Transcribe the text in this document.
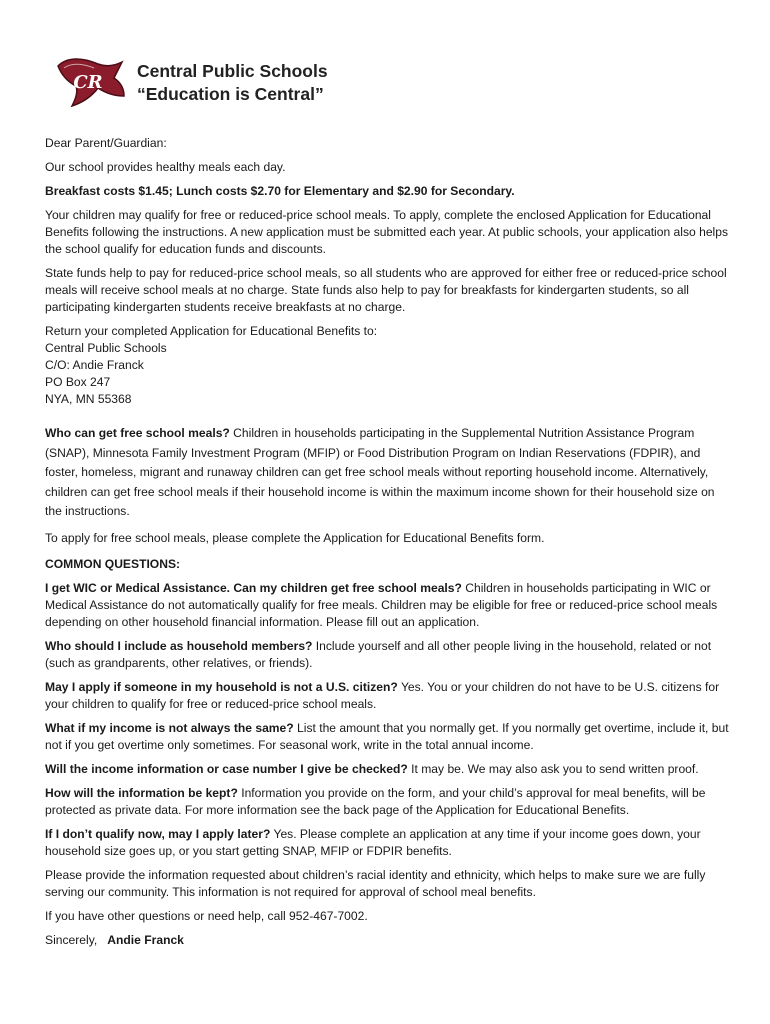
CR
Central Public Schools
“Education is Central”

Dear Parent/Guardian:

Our school provides healthy meals each day.

Breakfast costs $1.45; Lunch costs $2.70 for Elementary and $2.90 for Secondary.

Your children may qualify for free or reduced-price school meals. To apply, complete the enclosed Application for Educational Benefits following the instructions. A new application must be submitted each year. At public schools, your application also helps the school qualify for education funds and discounts.

State funds help to pay for reduced-price school meals, so all students who are approved for either free or reduced-price school meals will receive school meals at no charge. State funds also help to pay for breakfasts for kindergarten students, so all participating kindergarten students receive breakfasts at no charge.

Return your completed Application for Educational Benefits to:

Central Public Schools
C/O: Andie Franck
PO Box 247
NYA, MN 55368

Who can get free school meals? Children in households participating in the Supplemental Nutrition Assistance Program (SNAP), Minnesota Family Investment Program (MFIP) or Food Distribution Program on Indian Reservations (FDPIR), and foster, homeless, migrant and runaway children can get free school meals without reporting household income. Alternatively, children can get free school meals if their household income is within the maximum income shown for their household size on the instructions.

To apply for free school meals, please complete the Application for Educational Benefits form.

COMMON QUESTIONS:

I get WIC or Medical Assistance. Can my children get free school meals? Children in households participating in WIC or Medical Assistance do not automatically qualify for free meals. Children may be eligible for free or reduced-price school meals depending on other household financial information. Please fill out an application.

Who should I include as household members? Include yourself and all other people living in the household, related or not (such as grandparents, other relatives, or friends).

May I apply if someone in my household is not a U.S. citizen? Yes. You or your children do not have to be U.S. citizens for your children to qualify for free or reduced-price school meals.

What if my income is not always the same? List the amount that you normally get. If you normally get overtime, include it, but not if you get overtime only sometimes. For seasonal work, write in the total annual income.

Will the income information or case number I give be checked? It may be. We may also ask you to send written proof.

How will the information be kept? Information you provide on the form, and your child’s approval for meal benefits, will be protected as private data. For more information see the back page of the Application for Educational Benefits.

If I don’t qualify now, may I apply later? Yes. Please complete an application at any time if your income goes down, your household size goes up, or you start getting SNAP, MFIP or FDPIR benefits.

Please provide the information requested about children’s racial identity and ethnicity, which helps to make sure we are fully serving our community. This information is not required for approval of school meal benefits.

If you have other questions or need help, call 952-467-7002.

Sincerely, Andie Franck
